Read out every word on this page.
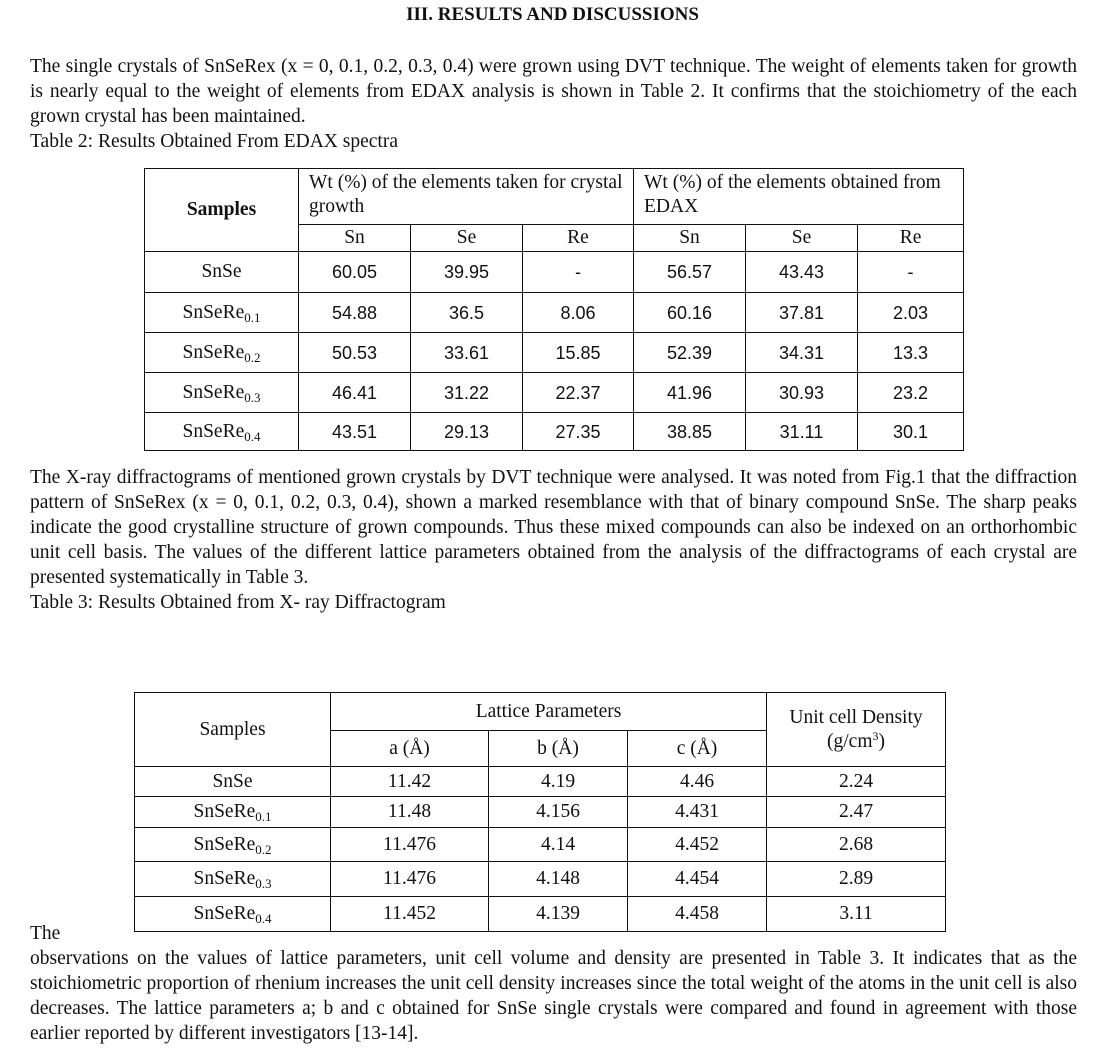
III. RESULTS AND DISCUSSIONS
The single crystals of SnSeRex (x = 0, 0.1, 0.2, 0.3, 0.4) were grown using DVT technique. The weight of elements taken for growth is nearly equal to the weight of elements from EDAX analysis is shown in Table 2. It confirms that the stoichiometry of the each grown crystal has been maintained.
Table 2: Results Obtained From EDAX spectra
Samples	Wt (%) of the elements taken for crystal growth			Wt (%) of the elements obtained from EDAX		
	Sn	Se	Re	Sn	Se	Re
SnSe	60.05	39.95	-	56.57	43.43	-
SnSeRe$_{0.1}$	54.88	36.5	8.06	60.16	37.81	2.03
SnSeRe$_{0.2}$	50.53	33.61	15.85	52.39	34.31	13.3
SnSeRe$_{0.3}$	46.41	31.22	22.37	41.96	30.93	23.2
SnSeRe$_{0.4}$	43.51	29.13	27.35	38.85	31.11	30.1
The X-ray diffractograms of mentioned grown crystals by DVT technique were analysed. It was noted from Fig.1 that the diffraction pattern of SnSeRex (x = 0, 0.1, 0.2, 0.3, 0.4), shown a marked resemblance with that of binary compound SnSe. The sharp peaks indicate the good crystalline structure of grown compounds. Thus these mixed compounds can also be indexed on an orthorhombic unit cell basis. The values of the different lattice parameters obtained from the analysis of the diffractograms of each crystal are presented systematically in Table 3.
Table 3: Results Obtained from X- ray Diffractogram
Samples	Lattice Parameters			Unit cell Density
$(g/cm^3)$

	a (Å)	b (Å)	c (Å)	
SnSe	11.42	4.19	4.46	2.24
SnSeRe$_{0.1}$	11.48	4.156	4.431	2.47
SnSeRe$_{0.2}$	11.476	4.14	4.452	2.68
SnSeRe$_{0.3}$	11.476	4.148	4.454	2.89
SnSeRe$_{0.4}$	11.452	4.139	4.458	3.11
The
observations on the values of lattice parameters, unit cell volume and density are presented in Table 3. It indicates that as the stoichiometric proportion of rhenium increases the unit cell density increases since the total weight of the atoms in the unit cell is also decreases. The lattice parameters a; b and c obtained for SnSe single crystals were compared and found in agreement with those earlier reported by different investigators [13-14].
